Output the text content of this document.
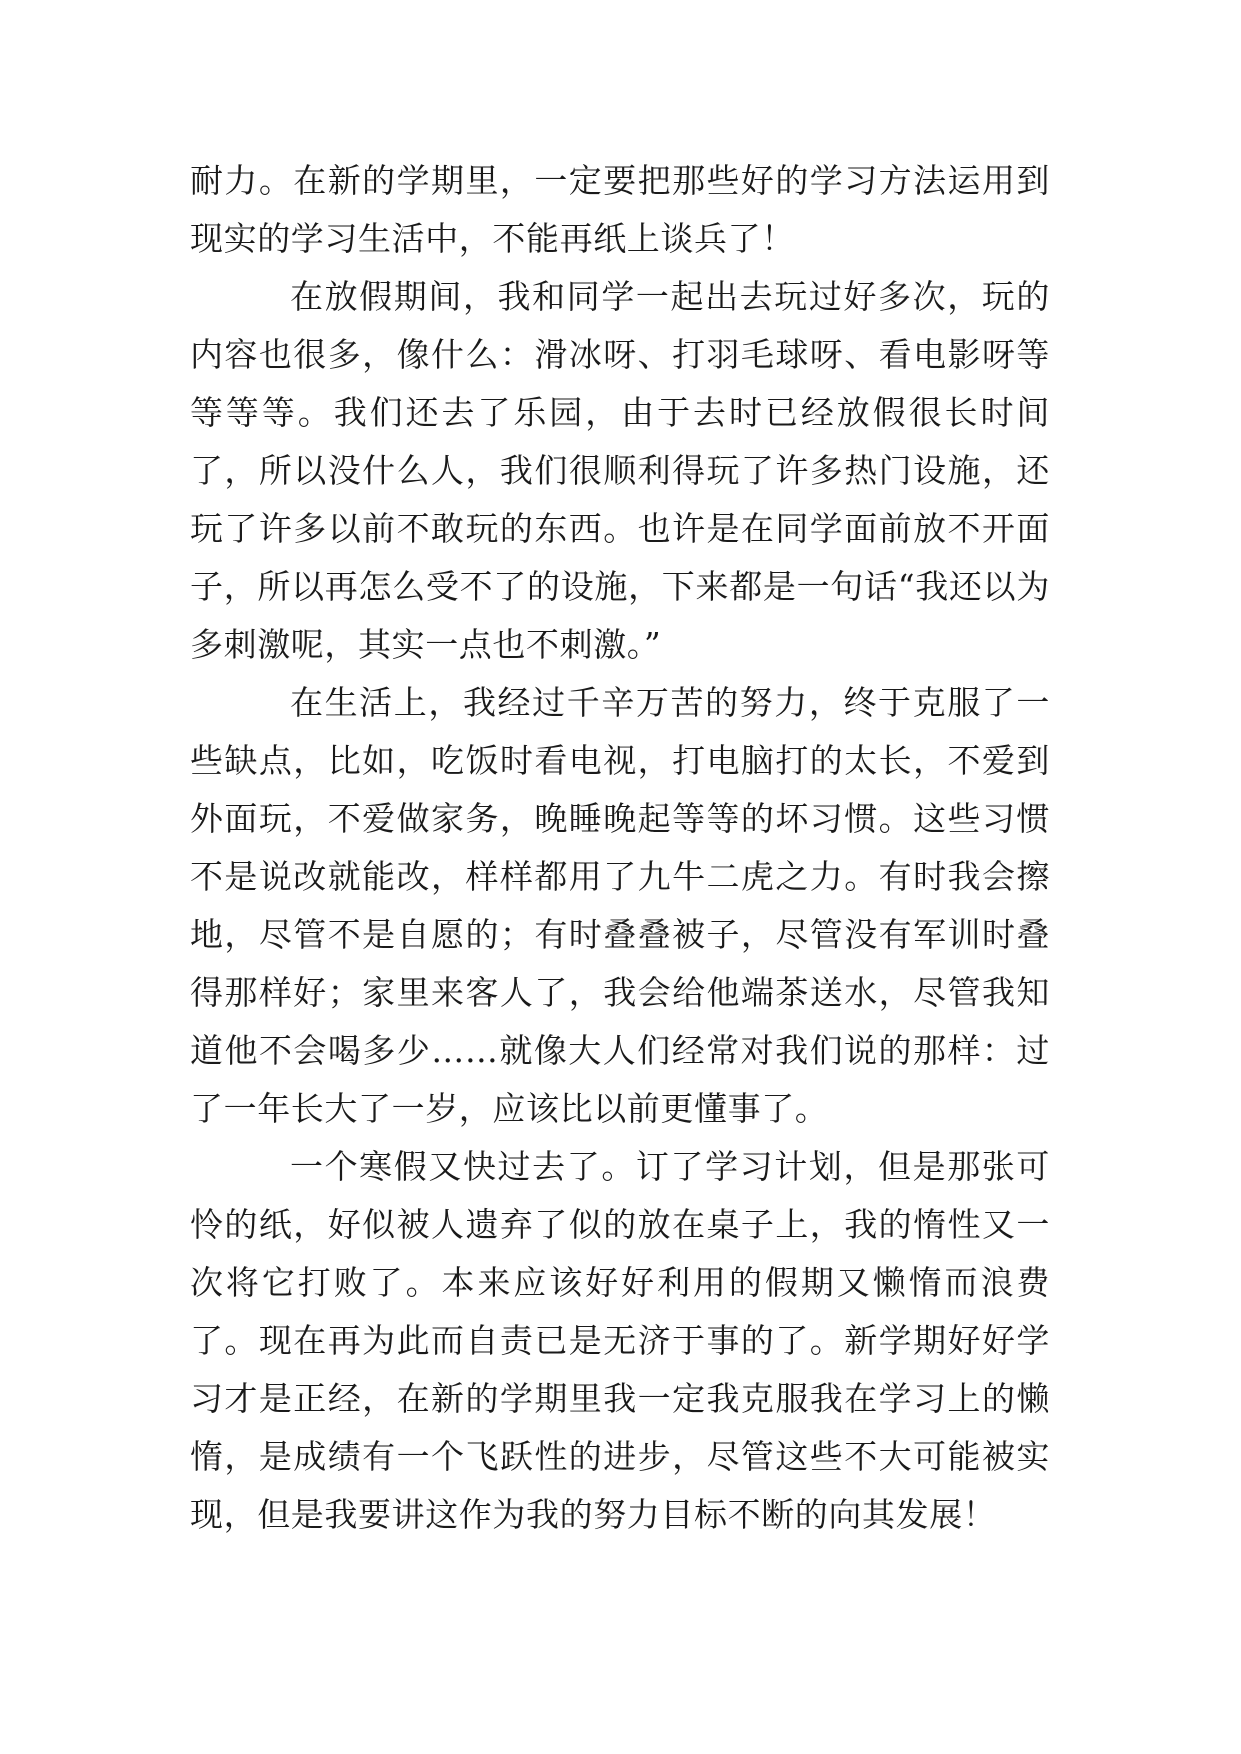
耐力。在新的学期里，一定要把那些好的学习方法运用到现实的学习生活中，不能再纸上谈兵了！

在放假期间，我和同学一起出去玩过好多次，玩的内容也很多，像什么：滑冰呀、打羽毛球呀、看电影呀等等等等。我们还去了乐园，由于去时已经放假很长时间了，所以没什么人，我们很顺利得玩了许多热门设施，还玩了许多以前不敢玩的东西。也许是在同学面前放不开面子，所以再怎么受不了的设施，下来都是一句话“我还以为多刺激呢，其实一点也不刺激。”

在生活上，我经过千辛万苦的努力，终于克服了一些缺点，比如，吃饭时看电视，打电脑打的太长，不爱到外面玩，不爱做家务，晚睡晚起等等的坏习惯。这些习惯不是说改就能改，样样都用了九牛二虎之力。有时我会擦地，尽管不是自愿的；有时叠叠被子，尽管没有军训时叠得那样好；家里来客人了，我会给他端茶送水，尽管我知道他不会喝多少……就像大人们经常对我们说的那样：过了一年长大了一岁，应该比以前更懂事了。

一个寒假又快过去了。订了学习计划，但是那张可怜的纸，好似被人遗弃了似的放在桌子上，我的惰性又一次将它打败了。本来应该好好利用的假期又懒惰而浪费了。现在再为此而自责已是无济于事的了。新学期好好学习才是正经，在新的学期里我一定我克服我在学习上的懒惰，是成绩有一个飞跃性的进步，尽管这些不大可能被实现，但是我要讲这作为我的努力目标不断的向其发展！
